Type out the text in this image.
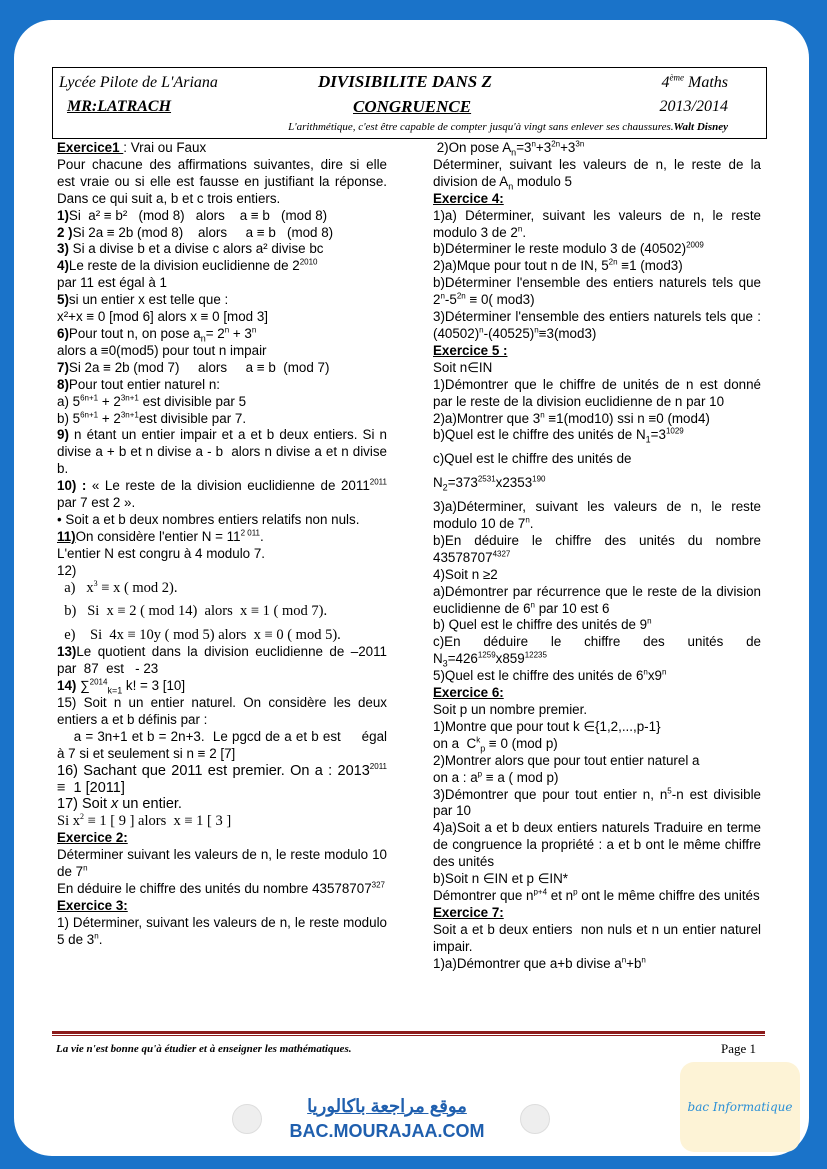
Lycée Pilote de L'Ariana
MR:LATRACH
DIVISIBILITE DANS Z
CONGRUENCE
4ème Maths
2013/2014
L'arithmétique, c'est être capable de compter jusqu'à vingt sans enlever ses chaussures.Walt Disney

Exercice1 : Vrai ou Faux

Pour chacune des affirmations suivantes, dire si elle est vraie ou si elle est fausse en justifiant la réponse. Dans ce qui suit a, b et c trois entiers.

1)Si  a² ≡ b²   (mod 8)   alors    a ≡ b   (mod 8)

2 )Si 2a ≡ 2b (mod 8)    alors     a ≡ b   (mod 8)

3) Si a divise b et a divise c alors a² divise bc

4)Le reste de la division euclidienne de $2^{2010}$

par 11 est égal à 1

5)si un entier x est telle que :

x²+x ≡ 0 [mod 6] alors x ≡ 0 [mod 3]

6)Pour tout n, on pose $a_n= 2^n + 3^n$

alors a ≡0(mod5) pour tout n impair

7)Si 2a ≡ 2b (mod 7)     alors     a ≡ b  (mod 7)

8)Pour tout entier naturel n:

a) $5^{6n+1} + 2^{3n+1}$ est divisible par 5

b) $5^{6n+1} + 2^{3n+1}est$ divisible par 7.

9) n étant un entier impair et a et b deux entiers. Si n divise a + b et n divise a - b  alors n divise a et n divise b.

10) : « Le reste de la division euclidienne de $2011^{2011}$ par 7 est 2 ».

• Soit a et b deux nombres entiers relatifs non nuls.

11)On considère l'entier $N = 11^{2 011}$.

L'entier N est congru à 4 modulo 7.

12)

a)   $x^3 \equiv x$ ( mod 2).

b)   Si  x ≡ 2 ( mod 14)  alors  x ≡ 1 ( mod 7).

e)    Si  4x ≡ 10y ( mod 5) alors  x ≡ 0 ( mod 5).

13)Le quotient dans la division euclidienne de –2011 par  87  est   - 23

14) ∑$^{2014}_{k=1}$ k! = 3 [10]

15) Soit n un entier naturel. On considère les deux entiers a et b définis par :

a = 3n+1 et b = 2n+3.  Le pgcd de a et b est     égal à 7 si et seulement si n ≡ 2 [7]

16) Sachant que 2011 est premier. On a : $2013^{2011} \equiv 1$ [2011]

17) Soit x un entier.

Si $x^2 \equiv 1$ [ 9 ] alors  x ≡ 1 [ 3 ]

Exercice 2:

Déterminer suivant les valeurs de n, le reste modulo 10 de 7$^n$

En déduire le chiffre des unités du nombre 43578707$^{327}$

Exercice 3:

1) Déterminer, suivant les valeurs de n, le reste modulo 5 de 3$^n$.

2)On pose $A_n=3^n+3^{2n}+3^{3n}$

Déterminer, suivant les valeurs de n, le reste de la division de $A_n$ modulo 5

Exercice 4:

1)a) Déterminer, suivant les valeurs de n, le reste modulo 3 de 2$^n$.

b)Déterminer le reste modulo 3 de $(40502)^{2009}$

2)a)Mque pour tout n de IN, $5^{2n} \equiv 1$ (mod3)

b)Déterminer l'ensemble des entiers naturels tels que $2^n-5^{2n} \equiv 0$( mod3)

3)Déterminer l'ensemble des entiers naturels tels que $:(40502)^n-(40525)^n\equiv 3(mod3)$

Exercice 5 :

Soit n∈IN

1)Démontrer que le chiffre de unités de n est donné par le reste de la division euclidienne de n par 10

2)a)Montrer que $3^n \equiv 1(mod10)$ ssi n ≡0 (mod4)

b)Quel est le chiffre des unités de $N_1=3^{1029}$

c)Quel est le chiffre des unités de

$N_2=373^{2531}x2353^{190}$

3)a)Déterminer, suivant les valeurs de n, le reste modulo 10 de 7$^n$.

b)En déduire le chiffre des unités du nombre $43578707^{4327}$

4)Soit n ≥2

a)Démontrer par récurrence que le reste de la division euclidienne de 6$^n$ par 10 est 6

b) Quel est le chiffre des unités de 9$^n$

c)En déduire le chiffre des unités de $N_3=426^{1259}x859^{12235}$

5)Quel est le chiffre des unités de 6$^n$x9$^n$

Exercice 6:

Soit p un nombre premier.

1)Montre que pour tout k ∈{1,2,...,p-1}

on a  $C^k_p \equiv 0$ (mod p)

2)Montrer alors que pour tout entier naturel a

on a : $a^p \equiv a$ ( mod p)

3)Démontrer que pour tout entier n, $n^5-n$ est divisible par 10

4)a)Soit a et b deux entiers naturels Traduire en terme de congruence la propriété : a et b ont le même chiffre des unités

b)Soit n ∈IN et p ∈IN*

Démontrer que $n^{p+4}$ et $n^p$ ont le même chiffre des unités

Exercice 7:

Soit a et b deux entiers  non nuls et n un entier naturel impair.

1)a)Démontrer que a+b divise $a^n+b^n$

La vie n'est bonne qu'à étudier et à enseigner les mathématiques.	Page 1
موقع مراجعة باكالوريا
BAC.MOURAJAA.COM
bac Informatique
